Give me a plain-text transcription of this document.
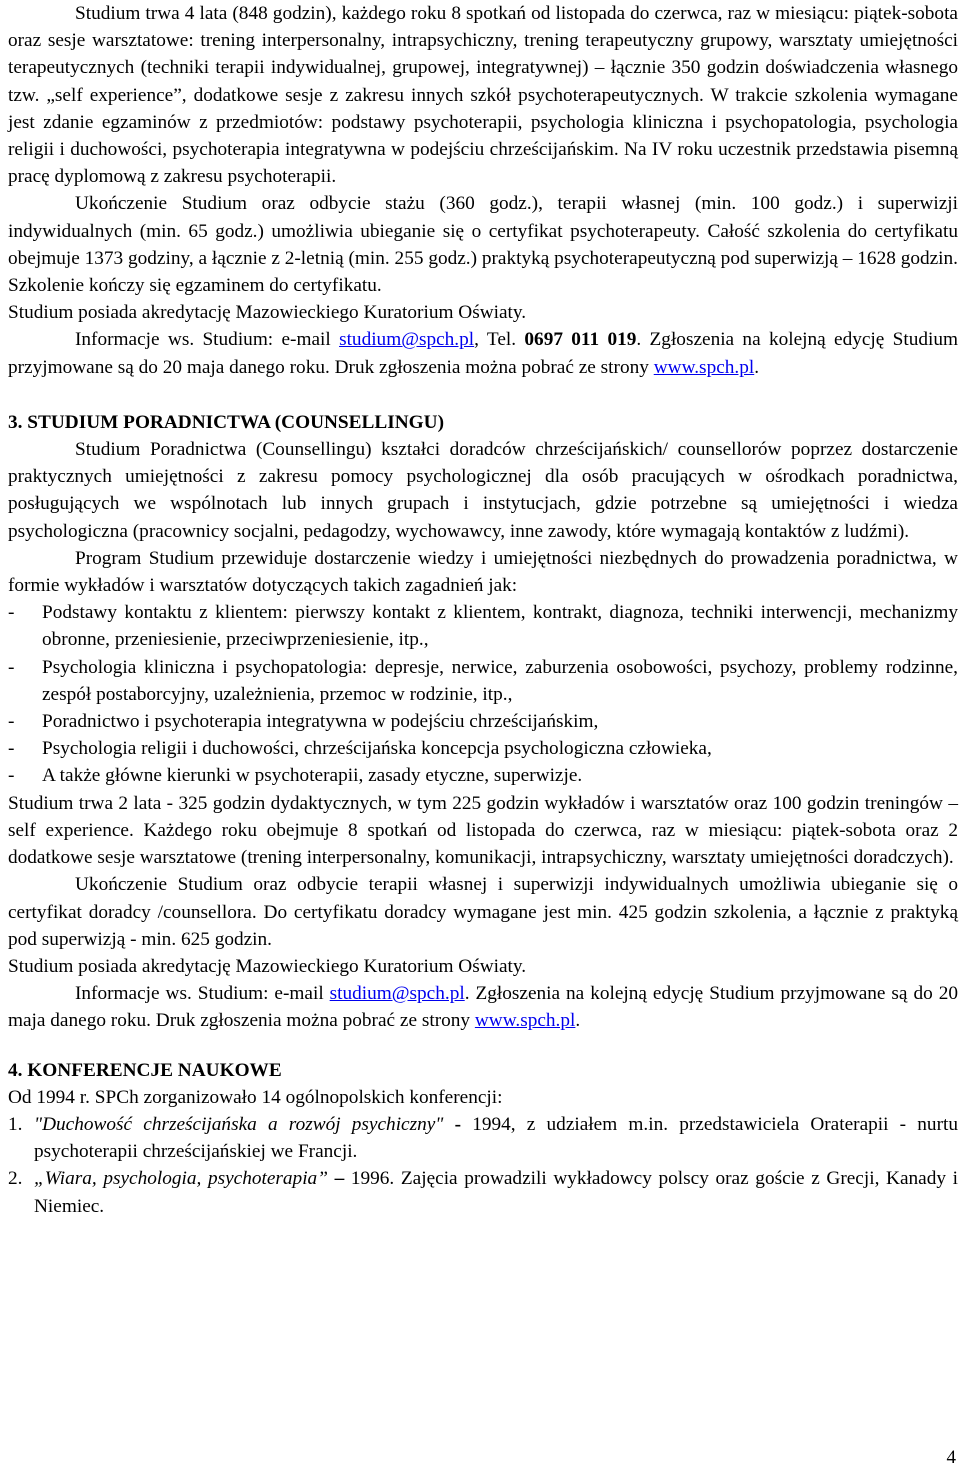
Studium trwa 4 lata (848 godzin), każdego roku 8 spotkań od listopada do czerwca, raz w miesiącu: piątek-sobota oraz sesje warsztatowe: trening interpersonalny, intrapsychiczny, trening terapeutyczny grupowy, warsztaty umiejętności terapeutycznych (techniki terapii indywidualnej, grupowej, integratywnej) – łącznie 350 godzin doświadczenia własnego tzw. „self experience”, dodatkowe sesje z zakresu innych szkół psychoterapeutycznych. W trakcie szkolenia wymagane jest zdanie egzaminów z przedmiotów: podstawy psychoterapii, psychologia kliniczna i psychopatologia, psychologia religii i duchowości, psychoterapia integratywna w podejściu chrześcijańskim. Na IV roku uczestnik przedstawia pisemną pracę dyplomową z zakresu psychoterapii.

Ukończenie Studium oraz odbycie stażu (360 godz.), terapii własnej (min. 100 godz.) i superwizji indywidualnych (min. 65 godz.) umożliwia ubieganie się o certyfikat psychoterapeuty. Całość szkolenia do certyfikatu obejmuje 1373 godziny, a łącznie z 2-letnią (min. 255 godz.) praktyką psychoterapeutyczną pod superwizją – 1628 godzin. Szkolenie kończy się egzaminem do certyfikatu.

Studium posiada akredytację Mazowieckiego Kuratorium Oświaty.

Informacje ws. Studium: e-mail studium@spch.pl, Tel. 0697 011 019. Zgłoszenia na kolejną edycję Studium przyjmowane są do 20 maja danego roku. Druk zgłoszenia można pobrać ze strony www.spch.pl.

3. STUDIUM PORADNICTWA (COUNSELLINGU)

Studium Poradnictwa (Counsellingu) kształci doradców chrześcijańskich/ counsellorów poprzez dostarczenie praktycznych umiejętności z zakresu pomocy psychologicznej dla osób pracujących w ośrodkach poradnictwa, posługujących we wspólnotach lub innych grupach i instytucjach, gdzie potrzebne są umiejętności i wiedza psychologiczna (pracownicy socjalni, pedagodzy, wychowawcy, inne zawody, które wymagają kontaktów z ludźmi).

Program Studium przewiduje dostarczenie wiedzy i umiejętności niezbędnych do prowadzenia poradnictwa, w formie wykładów i warsztatów dotyczących takich zagadnień jak:

-	Podstawy kontaktu z klientem: pierwszy kontakt z klientem, kontrakt, diagnoza, techniki interwencji, mechanizmy obronne, przeniesienie, przeciwprzeniesienie, itp.,
-	Psychologia kliniczna i psychopatologia: depresje, nerwice, zaburzenia osobowości, psychozy, problemy rodzinne, zespół postaborcyjny, uzależnienia, przemoc w rodzinie, itp.,
-	Poradnictwo i psychoterapia integratywna w podejściu chrześcijańskim,
-	Psychologia religii i duchowości, chrześcijańska koncepcja psychologiczna człowieka,
-	A także główne kierunki w psychoterapii, zasady etyczne, superwizje.

Studium trwa 2 lata - 325 godzin dydaktycznych, w tym 225 godzin wykładów i warsztatów oraz 100 godzin treningów – self experience. Każdego roku obejmuje 8 spotkań od listopada do czerwca, raz w miesiącu: piątek-sobota oraz 2 dodatkowe sesje warsztatowe (trening interpersonalny, komunikacji, intrapsychiczny, warsztaty umiejętności doradczych).

Ukończenie Studium oraz odbycie terapii własnej i superwizji indywidualnych umożliwia ubieganie się o certyfikat doradcy /counsellora. Do certyfikatu doradcy wymagane jest min. 425 godzin szkolenia, a łącznie z praktyką pod superwizją - min. 625 godzin.

Studium posiada akredytację Mazowieckiego Kuratorium Oświaty.

Informacje ws. Studium: e-mail studium@spch.pl. Zgłoszenia na kolejną edycję Studium przyjmowane są do 20 maja danego roku. Druk zgłoszenia można pobrać ze strony www.spch.pl.

4. KONFERENCJE NAUKOWE

Od 1994 r. SPCh zorganizowało 14 ogólnopolskich konferencji:

1. "Duchowość chrześcijańska a rozwój psychiczny" - 1994, z udziałem m.in. przedstawiciela Oraterapii - nurtu psychoterapii chrześcijańskiej we Francji.
2. „Wiara, psychologia, psychoterapia” – 1996. Zajęcia prowadzili wykładowcy polscy oraz goście z Grecji, Kanady i Niemiec.
4
